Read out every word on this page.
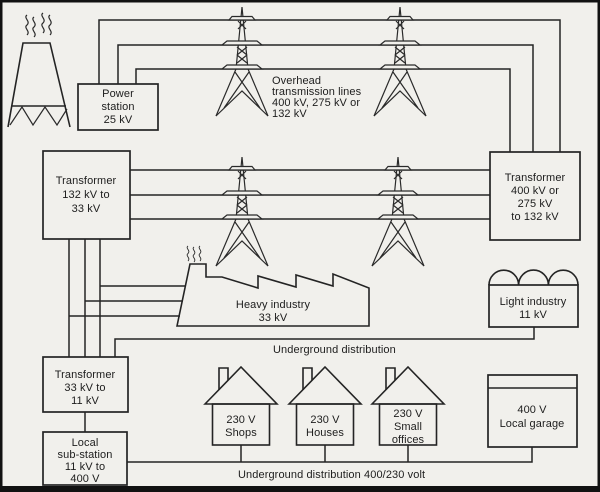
Power
station
25 kV
Overhead
transmission lines
400 kV, 275 kV or
132 kV
Transformer
132 kV to
33 kV
Transformer
400 kV or
275 kV
to 132 kV
Heavy industry
33 kV
Light industry
11 kV
Underground distribution
Transformer
33 kV to
11 kV
Local
sub-station
11 kV to
400 V
230 V
Shops
230 V
Houses
230 V
Small
offices
400 V
Local garage
Underground distribution 400/230 volt
